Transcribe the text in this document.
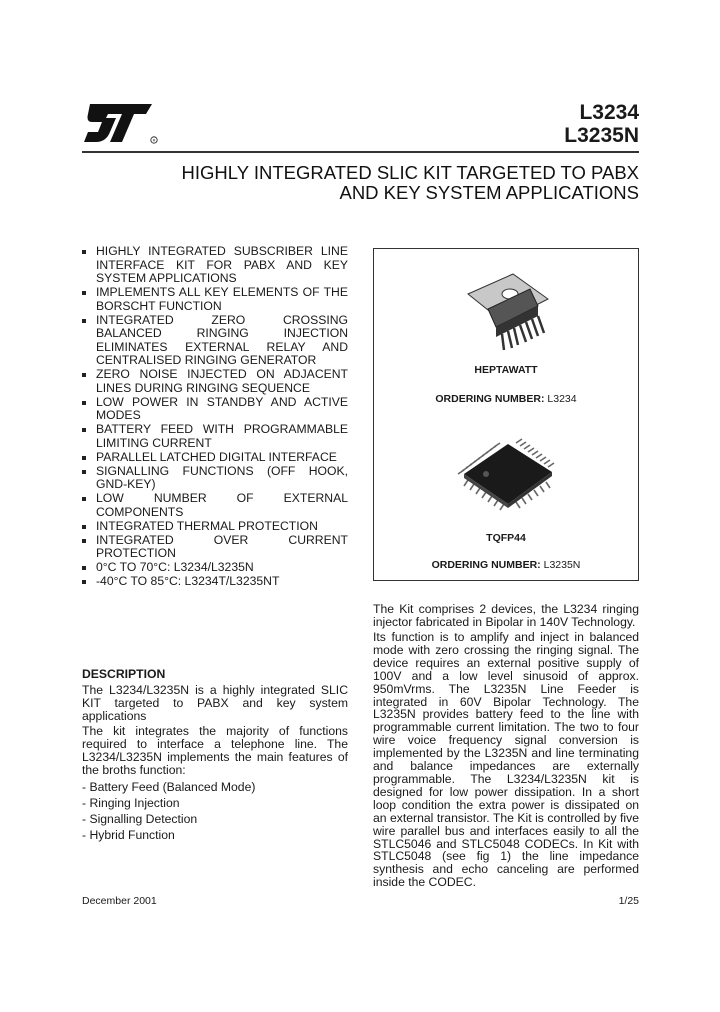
R
L3234
L3235N
HIGHLY INTEGRATED SLIC KIT TARGETED TO PABX
AND KEY SYSTEM APPLICATIONS
HIGHLY INTEGRATED SUBSCRIBER LINE INTERFACE KIT FOR PABX AND KEY SYSTEM APPLICATIONS
IMPLEMENTS ALL KEY ELEMENTS OF THE BORSCHT FUNCTION
INTEGRATED ZERO CROSSING BALANCED RINGING INJECTION ELIMINATES EXTERNAL RELAY AND CENTRALISED RINGING GENERATOR
ZERO NOISE INJECTED ON ADJACENT LINES DURING RINGING SEQUENCE
LOW POWER IN STANDBY AND ACTIVE MODES
BATTERY FEED WITH PROGRAMMABLE LIMITING CURRENT
PARALLEL LATCHED DIGITAL INTERFACE
SIGNALLING FUNCTIONS (OFF HOOK, GND-KEY)
LOW NUMBER OF EXTERNAL COMPONENTS
INTEGRATED THERMAL PROTECTION
INTEGRATED OVER CURRENT PROTECTION
0°C TO 70°C: L3234/L3235N
-40°C TO 85°C: L3234T/L3235NT
HEPTAWATT
ORDERING NUMBER: L3234
TQFP44
ORDERING NUMBER: L3235N

The Kit comprises 2 devices, the L3234 ringing injector fabricated in Bipolar in 140V Technology.

Its function is to amplify and inject in balanced mode with zero crossing the ringing signal. The device requires an external positive supply of 100V and a low level sinusoid of approx. 950mVrms. The L3235N Line Feeder is integrated in 60V Bipolar Technology. The L3235N provides battery feed to the line with programmable current limitation. The two to four wire voice frequency signal conversion is implemented by the L3235N and line terminating and balance impedances are externally programmable. The L3234/L3235N kit is designed for low power dissipation. In a short loop condition the extra power is dissipated on an external transistor. The Kit is controlled by five wire parallel bus and interfaces easily to all the STLC5046 and STLC5048 CODECs. In Kit with STLC5048 (see fig 1) the line impedance synthesis and echo canceling are performed inside the CODEC.

DESCRIPTION

The L3234/L3235N is a highly integrated SLIC KIT targeted to PABX and key system applications

The kit integrates the majority of functions required to interface a telephone line. The L3234/L3235N implements the main features of the broths function:

- Battery Feed (Balanced Mode)
- Ringing Injection
- Signalling Detection
- Hybrid Function
December 2001	1/25
